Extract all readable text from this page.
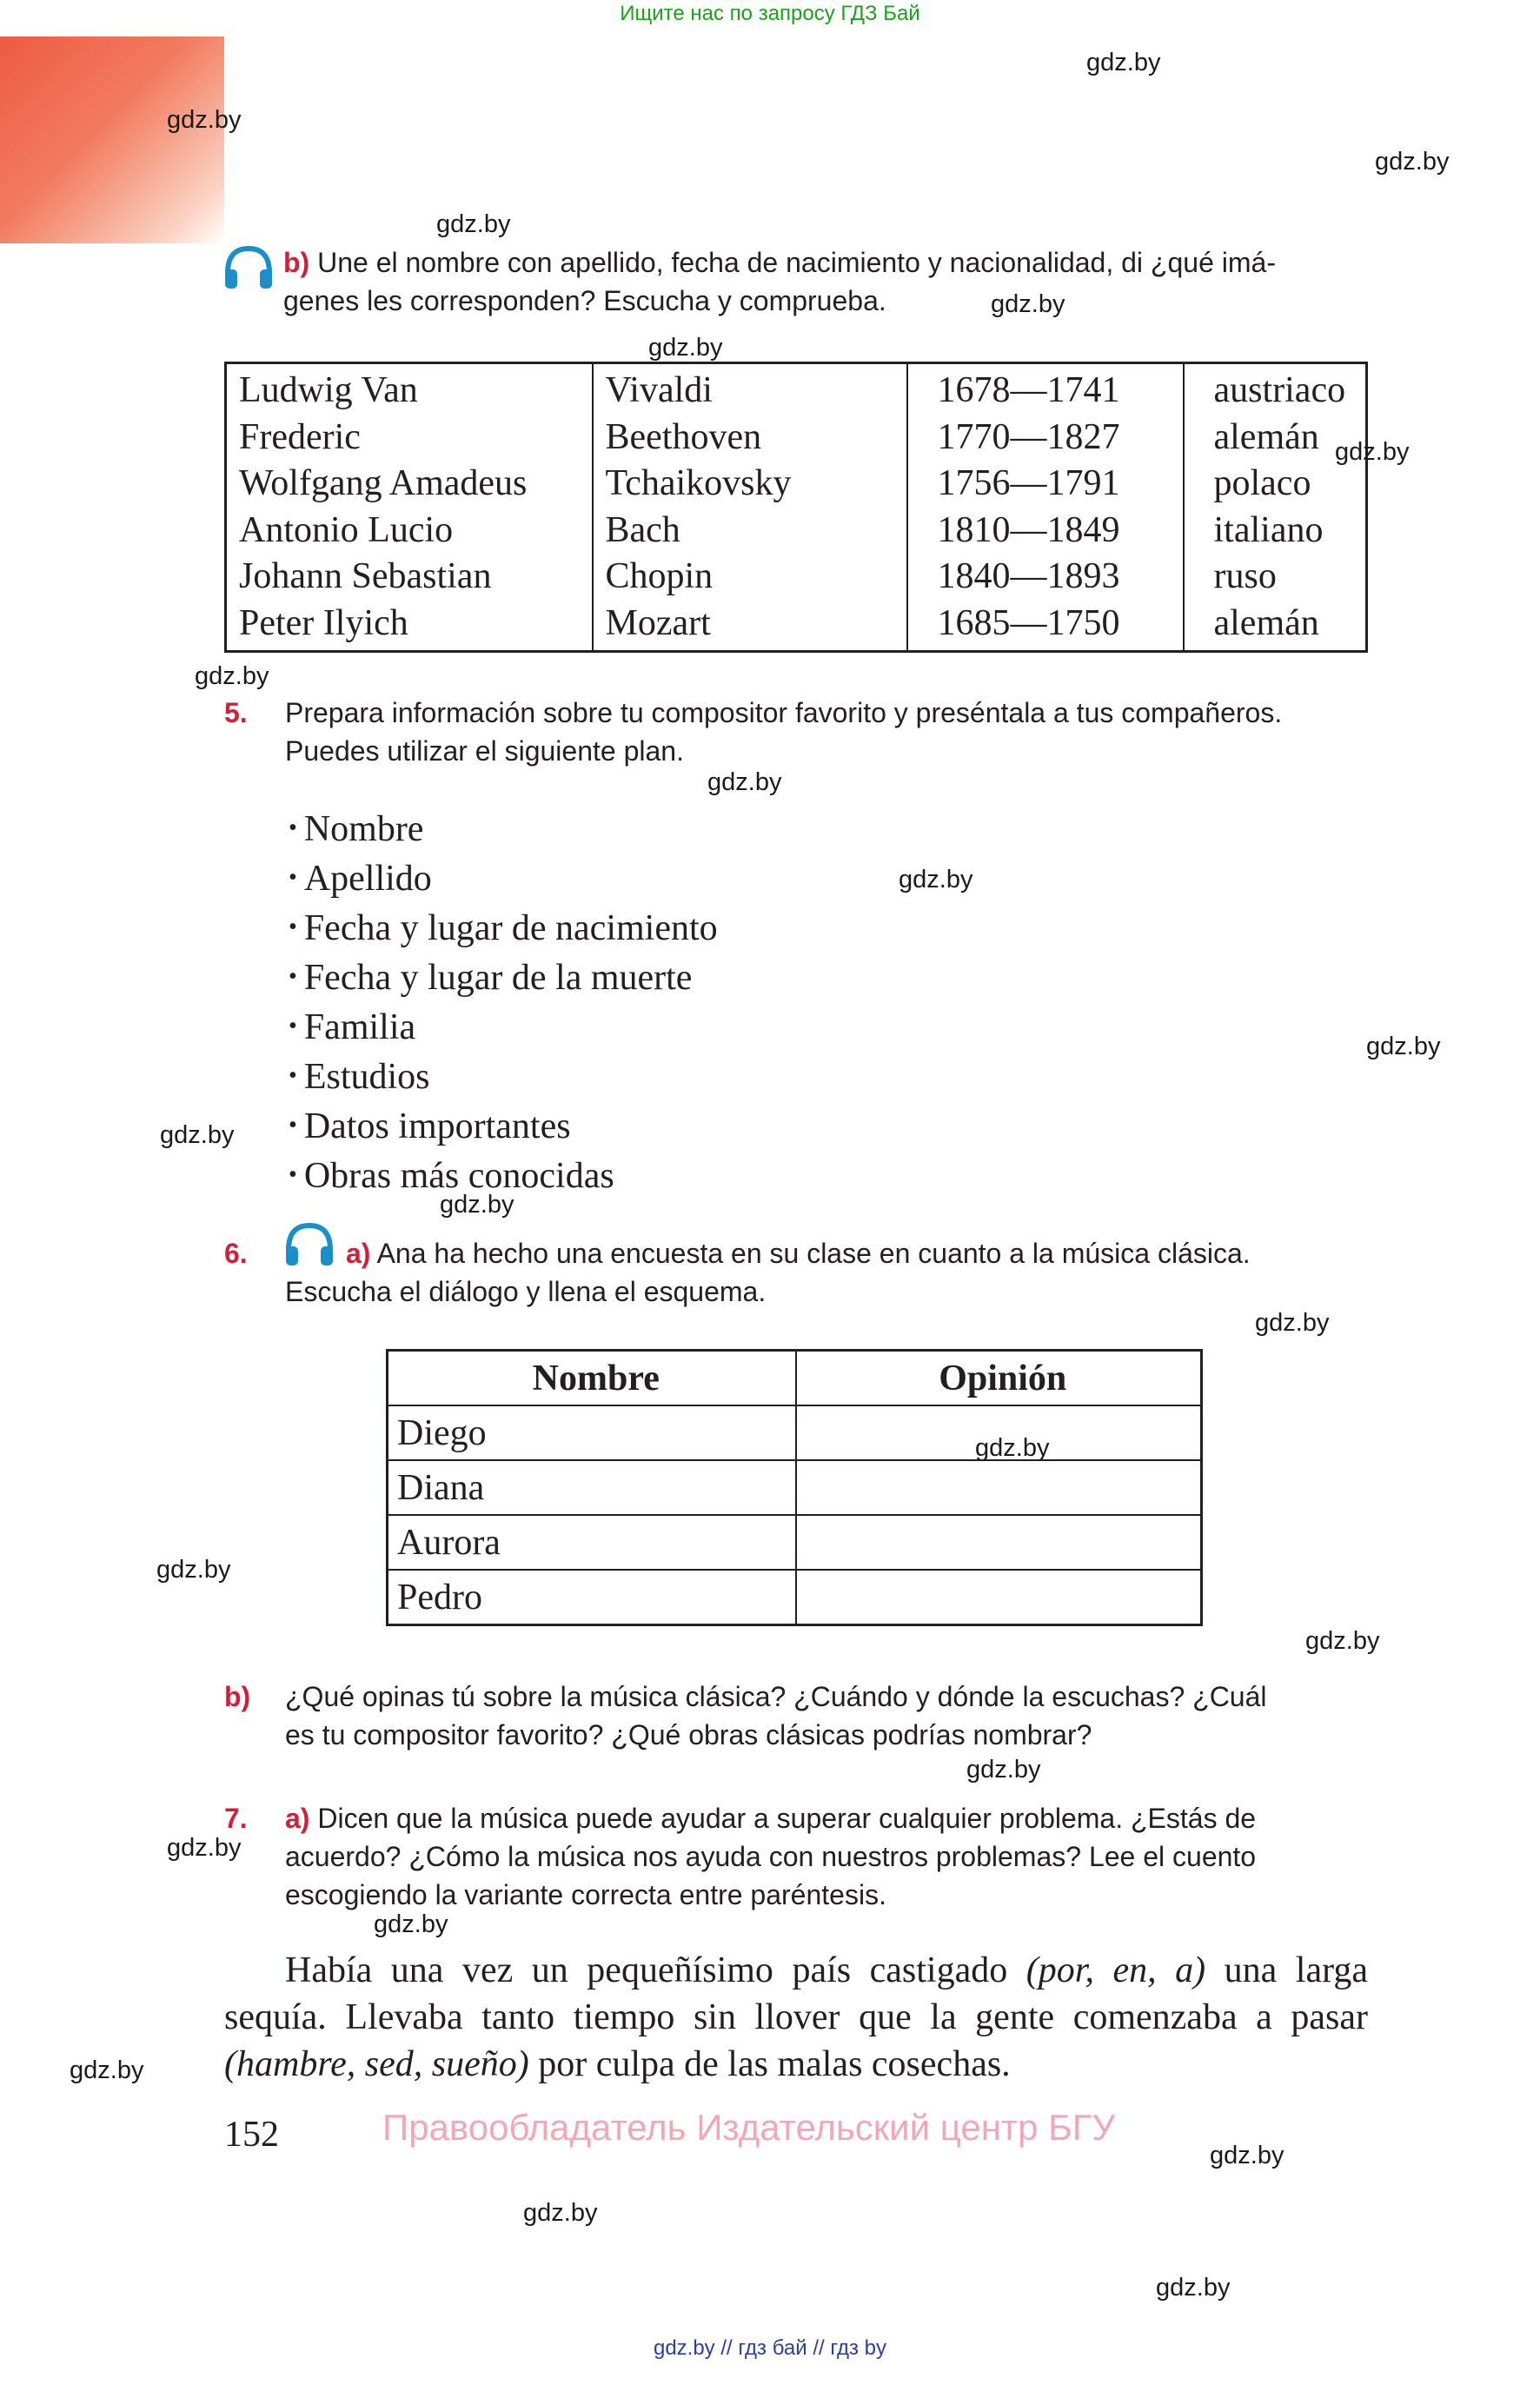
Ищите нас по запросу ГДЗ Бай
gdz.by
gdz.by
gdz.by
gdz.by
gdz.by
gdz.by
gdz.by
gdz.by
gdz.by
gdz.by
gdz.by
gdz.by
gdz.by
gdz.by
gdz.by
gdz.by
gdz.by
gdz.by
gdz.by
gdz.by
gdz.by
gdz.by
gdz.by
gdz.by
b) Une el nombre con apellido, fecha de nacimiento y nacionalidad, di ¿qué imá-
genes les corresponden? Escucha y comprueba.
Ludwig Van	Vivaldi	1678—1741	austriaco
Frederic	Beethoven	1770—1827	alemán
Wolfgang Amadeus	Tchaikovsky	1756—1791	polaco
Antonio Lucio	Bach	1810—1849	italiano
Johann Sebastian	Chopin	1840—1893	ruso
Peter Ilyich	Mozart	1685—1750	alemán
5. Prepara información sobre tu compositor favorito y preséntala a tus compañeros.
Puedes utilizar el siguiente plan.
• Nombre
• Apellido
• Fecha y lugar de nacimiento
• Fecha y lugar de la muerte
• Familia
• Estudios
• Datos importantes
• Obras más conocidas
6.	a) Ana ha hecho una encuesta en su clase en cuanto a la música clásica.
Escucha el diálogo y llena el esquema.
Nombre	Opinión
Diego	
Diana	
Aurora	
Pedro	
b) ¿Qué opinas tú sobre la música clásica? ¿Cuándo y dónde la escuchas? ¿Cuál
es tu compositor favorito? ¿Qué obras clásicas podrías nombrar?
7. a) Dicen que la música puede ayudar a superar cualquier problema. ¿Estás de
acuerdo? ¿Cómo la música nos ayuda con nuestros problemas? Lee el cuento
escogiendo la variante correcta entre paréntesis.
Había una vez un pequeñísimo país castigado (por, en, a) una larga sequía. Llevaba tanto tiempo sin llover que la gente comenzaba a pasar (hambre, sed, sueño) por culpa de las malas cosechas.
152	Правообладатель Издательский центр БГУ
gdz.by // гдз бай // гдз by
